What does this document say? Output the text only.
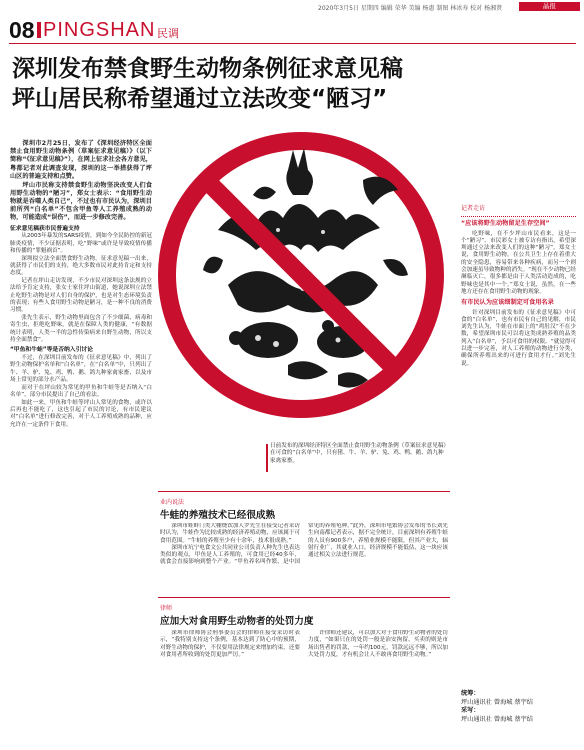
08 PINGSHAN 民调
2020年3月5日 星期四 编辑 荣华 美编 杨惠 制图 林冰寿 校对 杨湘贤	晶报
深圳发布禁食野生动物条例征求意见稿
坪山居民称希望通过立法改变“陋习”

深圳市2月25日，发布了《深圳经济特区全面禁止食用野生动物条例（草案征求意见稿）》（以下简称“《征求意见稿》”），在网上征求社会各方意见，粤都记者对此调查发现，深圳的这一举措获得了坪山区的普遍支持和点赞。

坪山市民称支持禁食野生动物坚决改变人们食用野生动物的“陋习”，郑女士表示：“食用野生动物就是吞噬人类自己”，不过也有市民认为，深圳目前所列“白名单”不包含甲鱼等人工养殖成熟的动物，可能造成“误伤”，而进一步修改完善。

征求意见稿获市民普遍支持

从2003年暴发的SARS疫情，到如今全民防控的新冠肺炎疫情，不少证据表明，吃“野味”或许是导致疫情传播和传播的“罪魁祸首”。

深圳拟立法全面禁食野生动物，征求意见稿一出来，就获得了市民们的支持，绝大多数市民对此持肯定和支持态度。

记者在坪山走访发现，不少市民对深圳这条法规的立法给予肯定支持，张女士家住坪山街道，她说深圳立法禁止吃野生动物是对人们自身的保护，也是对生态环境负责的表现；有些人食用野生动物是陋习，是一种不良的消费习惯。

张先生表示，野生动物里面包含了不少细菌、病毒和寄生虫，拒绝吃野味，就是在保障人类的健康，“有数据统计表明，人类一半的急性传染病来自野生动物，所以支持全面禁食”。

“甲鱼和牛蛙”等是否纳入引讨论

不过，在深圳目前发布的《征求意见稿》中，列出了野生动物保护名单和“白名单”，在“白名单”中，只列出了牛、羊、驴、兔、鸡、鸭、鹅、鸽九种家禽家畜，以及市场上常见的部分水产品。

而对于在坪山较为常见的甲鱼和牛蛙等是否纳入“白名单”，部分市民提出了自己的看法。

如此一来，甲鱼和牛蛙等坪山人常见的食物，或许以后再也不能吃了，这也引起了市民的讨论，有市民建议对“白名单”进行修改完善，对于人工养殖成熟的品种，应允许在一定条件下食用。

日前发布的深圳经济特区全面禁止食用野生动物条例（草案征求意见稿）在可食的“白名单”中，只有猪、牛、羊、驴、兔、鸡、鸭、鹅、鸽九种家禽家畜。
记者走访
“应该将野生动物留足生存空间”

吃野味，在不少坪山市民看来，这是一个“陋习”。市民彩女士被专访有指出，希望深圳通过立法来改变人们的这种“陋习”，郑女士说，食用野生动物，在公共卫生上存在着重大的安全隐患，容易带来各种疾病，而另一个则会加速虽导致物种的消失。“现在不少动物已经濒临灭亡，很多都是由于人类活动造成的，吃野味也是其中一个。”郑女士说，虽然，在一些地方还存在食用野生动物的现象。

有市民认为应该细制定可食用名录

针对深圳目前发布的《征求意见稿》中可食的“白名单”，也有市民有自己的见解，市民刘先生认为，牛蛙在市面上的“鸡肚汉”不在少数，希望深圳市民可以将这类成熟养殖的品类列入“白名单”，予以可食用的权限。“就觉得可以进一步完善，对人工养殖的动物进行分类，确保所养殖出来的可进行食用才行。”刘先生说。

业内说法
牛蛙的养殖技术已经很成熟

深圳市蛙蚌门类大棚烧饮加人罗先生在接受记者采访时认为，牛蛙作为比较成熟的经济养殖动物，应该属于可食用范围。“牛蛙的养殖至少有十余年，技术很成熟。”

深圳市坑宁电食文公共同业公司负责人种先生也表达类似的观点，甲鱼是人工养殖的，可食用已经40多年，就食会直接影响到整个产业。“甲鱼养名叫作繁，是中国常见的养殖龟种。”此外，深圳市电繁协会发布的书长刘先生向南都记者表示，据不完全统计，目前深圳有养殖牛蛙的人员有900多户，养殖业规模不能限，但其产业大，辐射行业广，其就业人口，经济规模不能低估，这一块应该通过相关立法进行规范。

律师
应加大对食用野生动物者的处罚力度

深圳市律师协会刑事委员会的律师在接受采访时表示，“我特别支持这个条例，基本达到了防心中的预期，对野生动物的保护，不仅要用法律规定来增加约束，还要对食用者所收到的处罚更加严厉。”

许律师还建议，可以加大对于食用野生动物者的处罚力度，“如果只在的处罚一般是治安拘留，买卖的则是市场出售者的罚款，一年约100元，罚款远远不够，所以加大处罚力度，才有机会让人不敢再食用野生动物。”

统筹：
坪山通讯社 曾海城 蔡宇结
采写：
坪山通讯社 曾海城 蔡宇结
